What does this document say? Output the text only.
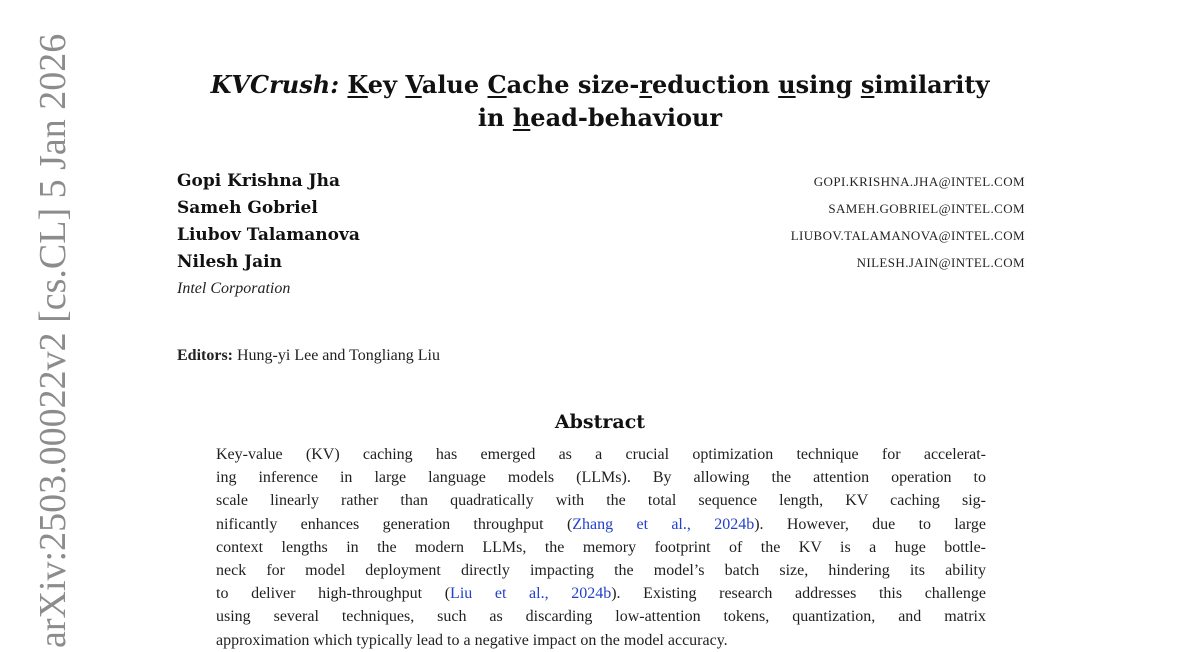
arXiv:2503.00022v2 [cs.CL] 5 Jan 2026	KVCrush: Key Value Cache size-reduction using similarity
in head-behaviour
Gopi Krishna Jha	GOPI.KRISHNA.JHA@INTEL.COM
Sameh Gobriel	SAMEH.GOBRIEL@INTEL.COM
Liubov Talamanova	LIUBOV.TALAMANOVA@INTEL.COM
Nilesh Jain	NILESH.JAIN@INTEL.COM
Intel Corporation
Editors: Hung-yi Lee and Tongliang Liu
Abstract
Key-value (KV) caching has emerged as a crucial optimization technique for accelerat-
ing inference in large language models (LLMs). By allowing the attention operation to
scale linearly rather than quadratically with the total sequence length, KV caching sig-
nificantly enhances generation throughput (Zhang et al., 2024b). However, due to large
context lengths in the modern LLMs, the memory footprint of the KV is a huge bottle-
neck for model deployment directly impacting the model’s batch size, hindering its ability
to deliver high-throughput (Liu et al., 2024b). Existing research addresses this challenge
using several techniques, such as discarding low-attention tokens, quantization, and matrix
approximation which typically lead to a negative impact on the model accuracy.
